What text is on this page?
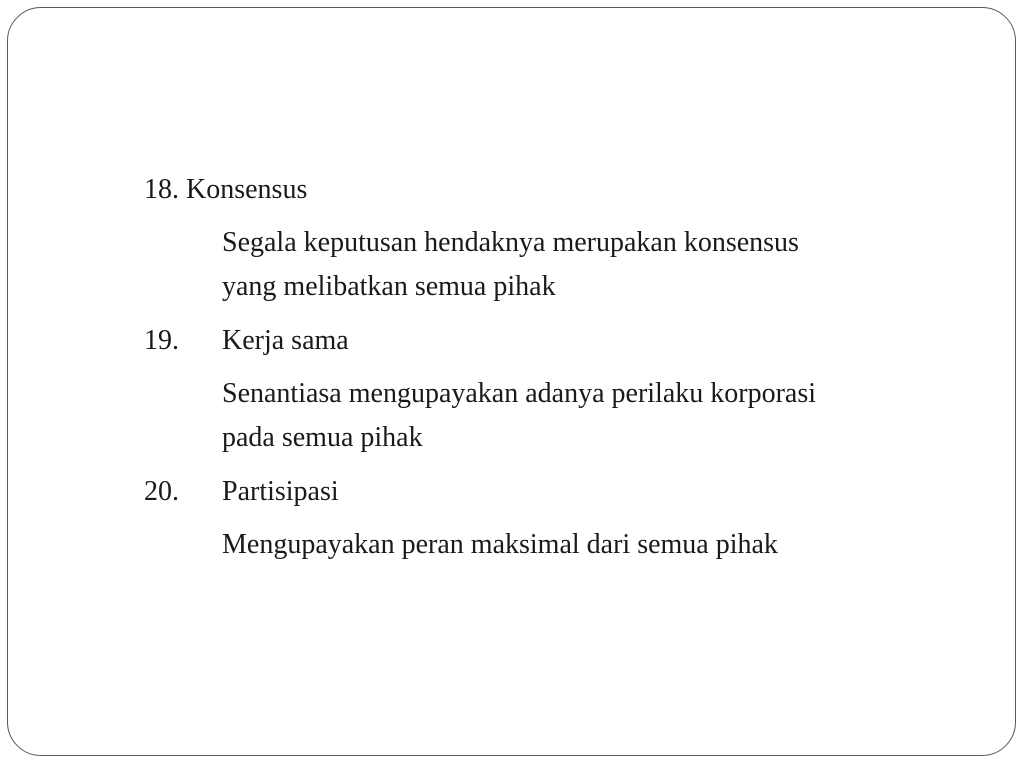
18. Konsensus

Segala keputusan hendaknya merupakan konsensus

yang melibatkan semua pihak

19. Kerja sama

Senantiasa mengupayakan adanya perilaku korporasi

pada semua pihak

20. Partisipasi

Mengupayakan peran maksimal dari semua pihak
